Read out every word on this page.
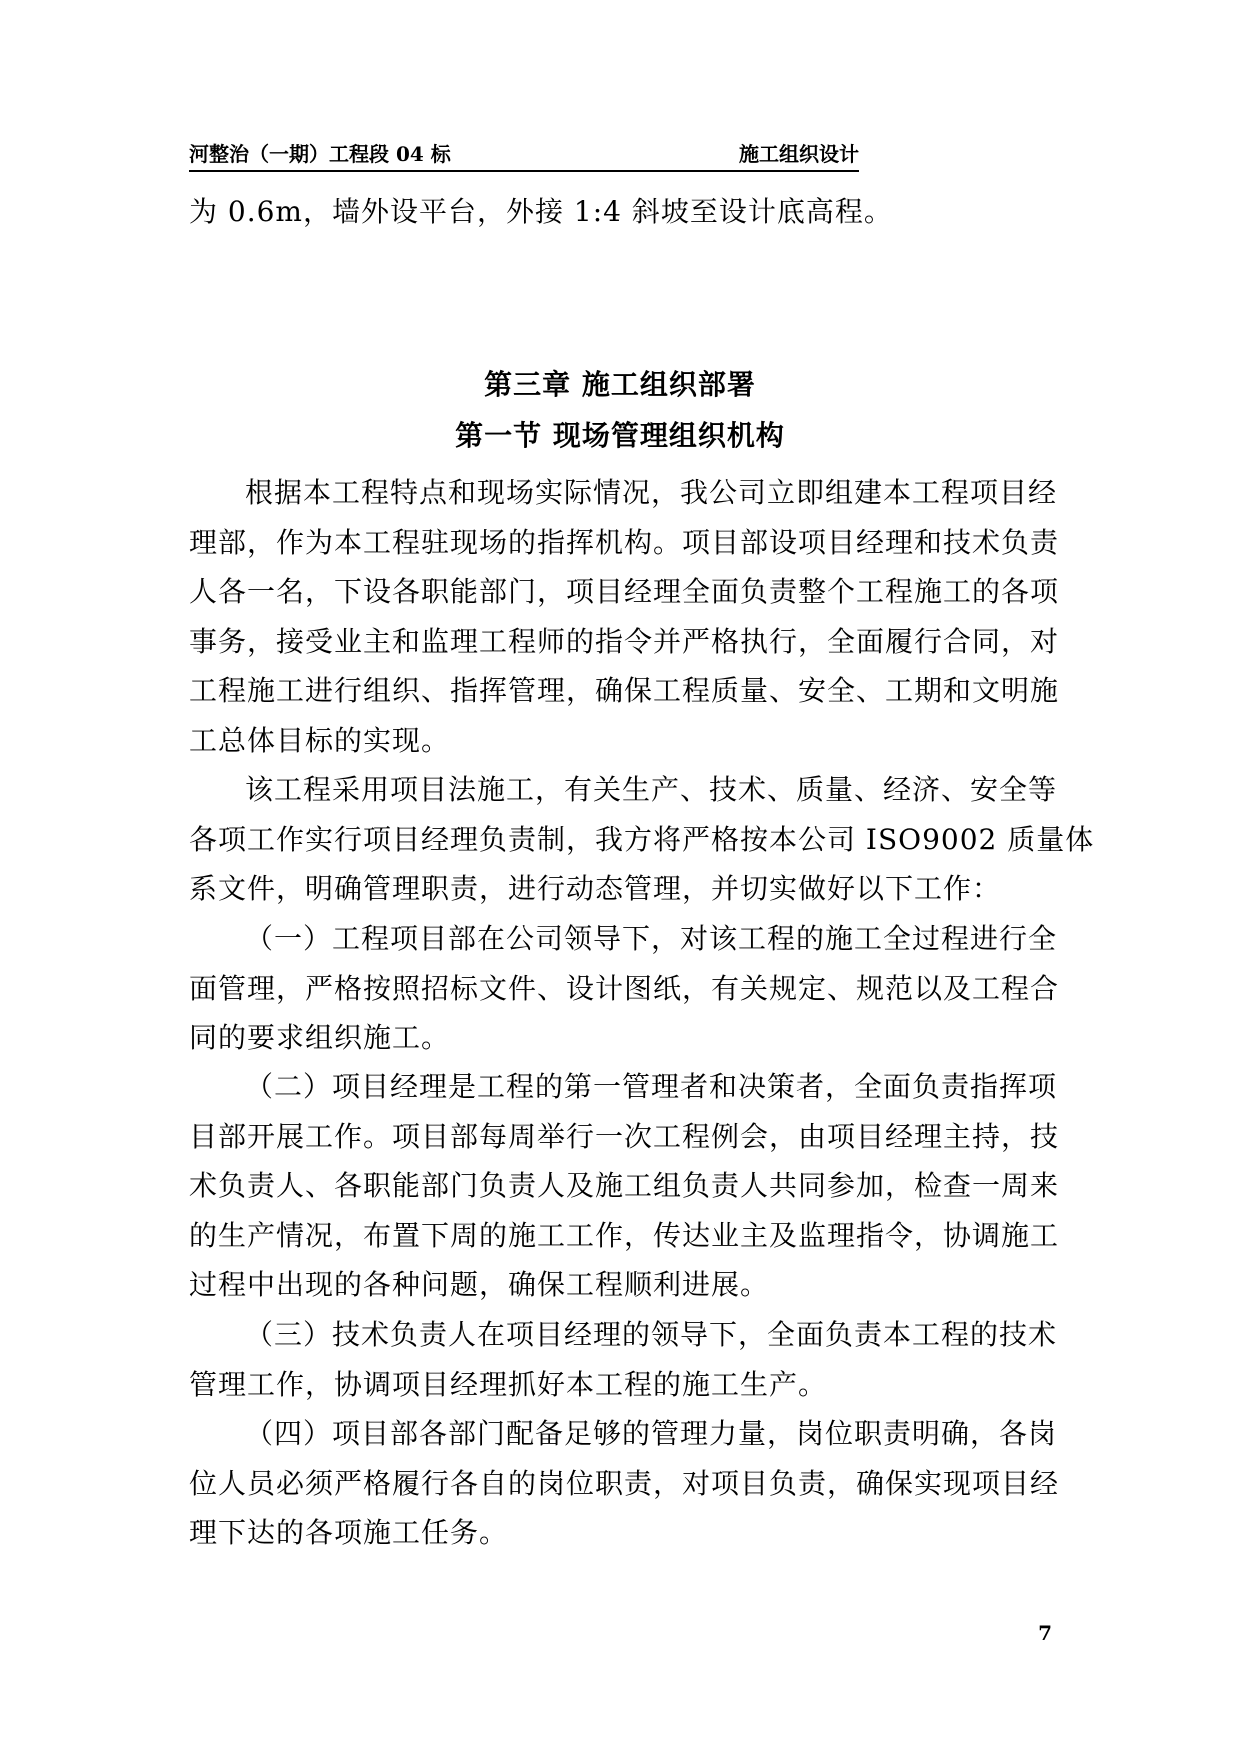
河整治（一期）工程段 04 标	施工组织设计

为 0.6m，墙外设平台，外接 1:4 斜坡至设计底高程。

第三章 施工组织部署
第一节 现场管理组织机构
根据本工程特点和现场实际情况，我公司立即组建本工程项目经
理部，作为本工程驻现场的指挥机构。项目部设项目经理和技术负责
人各一名，下设各职能部门，项目经理全面负责整个工程施工的各项
事务，接受业主和监理工程师的指令并严格执行，全面履行合同，对
工程施工进行组织、指挥管理，确保工程质量、安全、工期和文明施
工总体目标的实现。
该工程采用项目法施工，有关生产、技术、质量、经济、安全等
各项工作实行项目经理负责制，我方将严格按本公司 ISO9002 质量体
系文件，明确管理职责，进行动态管理，并切实做好以下工作：
（一）工程项目部在公司领导下，对该工程的施工全过程进行全
面管理，严格按照招标文件、设计图纸，有关规定、规范以及工程合
同的要求组织施工。
（二）项目经理是工程的第一管理者和决策者，全面负责指挥项
目部开展工作。项目部每周举行一次工程例会，由项目经理主持，技
术负责人、各职能部门负责人及施工组负责人共同参加，检查一周来
的生产情况，布置下周的施工工作，传达业主及监理指令，协调施工
过程中出现的各种问题，确保工程顺利进展。
（三）技术负责人在项目经理的领导下，全面负责本工程的技术
管理工作，协调项目经理抓好本工程的施工生产。
（四）项目部各部门配备足够的管理力量，岗位职责明确，各岗
位人员必须严格履行各自的岗位职责，对项目负责，确保实现项目经
理下达的各项施工任务。
7
